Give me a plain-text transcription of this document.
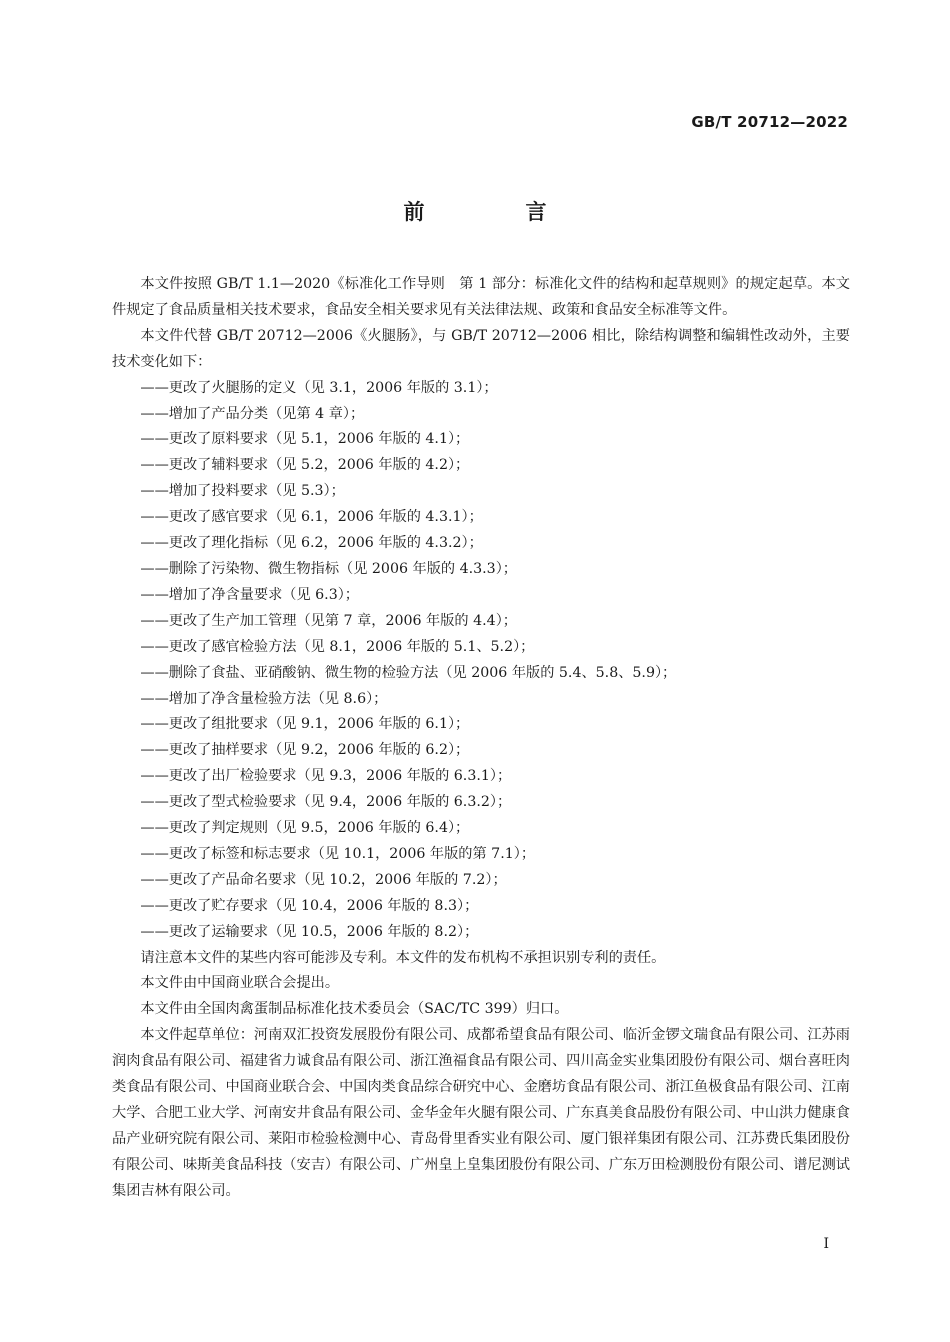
GB/T 20712—2022
前　言

本文件按照 GB/T 1.1—2020《标准化工作导则　第 1 部分：标准化文件的结构和起草规则》的规定起草。本文件规定了食品质量相关技术要求，食品安全相关要求见有关法律法规、政策和食品安全标准等文件。

本文件代替 GB/T 20712—2006《火腿肠》，与 GB/T 20712—2006 相比，除结构调整和编辑性改动外，主要技术变化如下：

——更改了火腿肠的定义（见 3.1，2006 年版的 3.1）；

——增加了产品分类（见第 4 章）；

——更改了原料要求（见 5.1，2006 年版的 4.1）；

——更改了辅料要求（见 5.2，2006 年版的 4.2）；

——增加了投料要求（见 5.3）；

——更改了感官要求（见 6.1，2006 年版的 4.3.1）；

——更改了理化指标（见 6.2，2006 年版的 4.3.2）；

——删除了污染物、微生物指标（见 2006 年版的 4.3.3）；

——增加了净含量要求（见 6.3）；

——更改了生产加工管理（见第 7 章，2006 年版的 4.4）；

——更改了感官检验方法（见 8.1，2006 年版的 5.1、5.2）；

——删除了食盐、亚硝酸钠、微生物的检验方法（见 2006 年版的 5.4、5.8、5.9）；

——增加了净含量检验方法（见 8.6）；

——更改了组批要求（见 9.1，2006 年版的 6.1）；

——更改了抽样要求（见 9.2，2006 年版的 6.2）；

——更改了出厂检验要求（见 9.3，2006 年版的 6.3.1）；

——更改了型式检验要求（见 9.4，2006 年版的 6.3.2）；

——更改了判定规则（见 9.5，2006 年版的 6.4）；

——更改了标签和标志要求（见 10.1，2006 年版的第 7.1）；

——更改了产品命名要求（见 10.2，2006 年版的 7.2）；

——更改了贮存要求（见 10.4，2006 年版的 8.3）；

——更改了运输要求（见 10.5，2006 年版的 8.2）；

请注意本文件的某些内容可能涉及专利。本文件的发布机构不承担识别专利的责任。

本文件由中国商业联合会提出。

本文件由全国肉禽蛋制品标准化技术委员会（SAC/TC 399）归口。

本文件起草单位：河南双汇投资发展股份有限公司、成都希望食品有限公司、临沂金锣文瑞食品有限公司、江苏雨润肉食品有限公司、福建省力诚食品有限公司、浙江渔福食品有限公司、四川高金实业集团股份有限公司、烟台喜旺肉类食品有限公司、中国商业联合会、中国肉类食品综合研究中心、金磨坊食品有限公司、浙江鱼极食品有限公司、江南大学、合肥工业大学、河南安井食品有限公司、金华金年火腿有限公司、广东真美食品股份有限公司、中山洪力健康食品产业研究院有限公司、莱阳市检验检测中心、青岛骨里香实业有限公司、厦门银祥集团有限公司、江苏费氏集团股份有限公司、味斯美食品科技（安吉）有限公司、广州皇上皇集团股份有限公司、广东万田检测股份有限公司、谱尼测试集团吉林有限公司。

I
